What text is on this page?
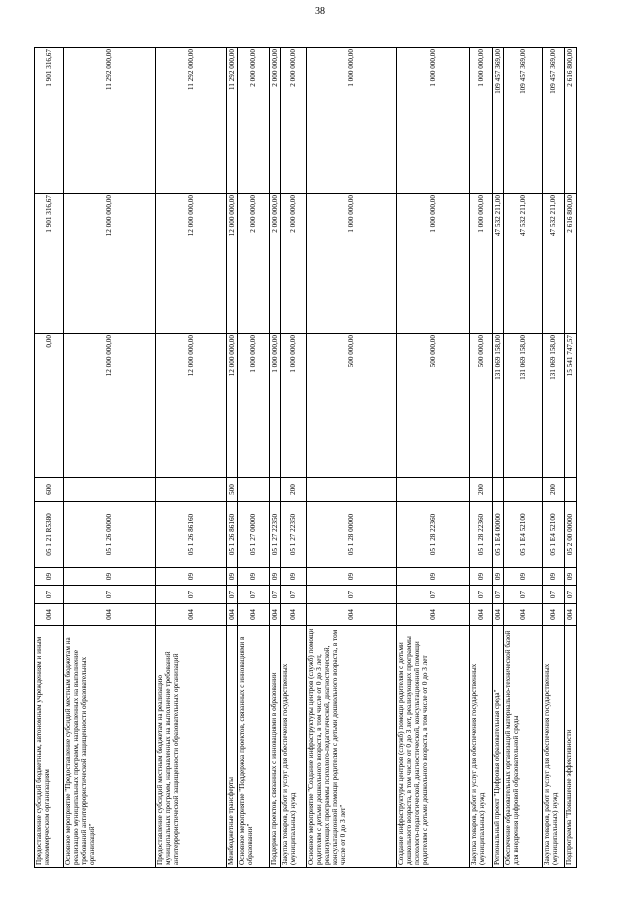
38
Предоставление субсидий бюджетным, автономным учреждениям и иным некоммерческим организациям	004	07	09	05 1 21 R5380	600	0,00	1 901 316,67	1 901 316,67
Основное мероприятие "Предоставление субсидий местным бюджетам на реализацию муниципальных программ, направленных на выполнение требований антитеррористической защищенности образовательных организаций"	004	07	09	05 1 26 00000		12 000 000,00	12 000 000,00	11 292 000,00
Предоставление субсидий местным бюджетам на реализацию муниципальных программ, направленных на выполнение требований антитеррористической защищенности образовательных организаций	004	07	09	05 1 26 86160		12 000 000,00	12 000 000,00	11 292 000,00
Межбюджетные трансферты	004	07	09	05 1 26 86160	500	12 000 000,00	12 000 000,00	11 292 000,00
Основное мероприятие "Поддержка проектов, связанных с инновациями в образовании"	004	07	09	05 1 27 00000		1 000 000,00	2 000 000,00	2 000 000,00
Поддержка проектов, связанных с инновациями в образовании	004	07	09	05 1 27 22350		1 000 000,00	2 000 000,00	2 000 000,00
Закупка товаров, работ и услуг для обеспечения государственных (муниципальных) нужд	004	07	09	05 1 27 22350	200	1 000 000,00	2 000 000,00	2 000 000,00
Основное мероприятие "Создание инфраструктуры центров (служб) помощи родителям с детьми дошкольного возраста, в том числе от 0 до 3 лет, реализующих программы психолого-педагогической, диагностической, консультационной помощи родителям с детьми дошкольного возраста, в том числе от 0 до 3 лет"	004	07	09	05 1 28 00000		500 000,00	1 000 000,00	1 000 000,00
Создание инфраструктуры центров (служб) помощи родителям с детьми дошкольного возраста, в том числе от 0 до 3 лет, реализующих программы психолого-педагогической, диагностической, консультационной помощи родителям с детьми дошкольного возраста, в том числе от 0 до 3 лет	004	07	09	05 1 28 22360		500 000,00	1 000 000,00	1 000 000,00
Закупка товаров, работ и услуг для обеспечения государственных (муниципальных) нужд	004	07	09	05 1 28 22360	200	500 000,00	1 000 000,00	1 000 000,00
Региональный проект "Цифровая образовательная среда"	004	07	09	05 1 E4 00000		131 069 158,00	47 532 211,00	109 457 369,00
Обеспечение образовательных организаций материально-технической базой для внедрения цифровой образовательной среды	004	07	09	05 1 E4 52100		131 069 158,00	47 532 211,00	109 457 369,00
Закупка товаров, работ и услуг для обеспечения государственных (муниципальных) нужд	004	07	09	05 1 E4 52100	200	131 069 158,00	47 532 211,00	109 457 369,00
Подпрограмма "Повышение эффективности	004	07	09	05 2 00 00000		15 541 747,57	2 616 800,00	2 616 800,00
